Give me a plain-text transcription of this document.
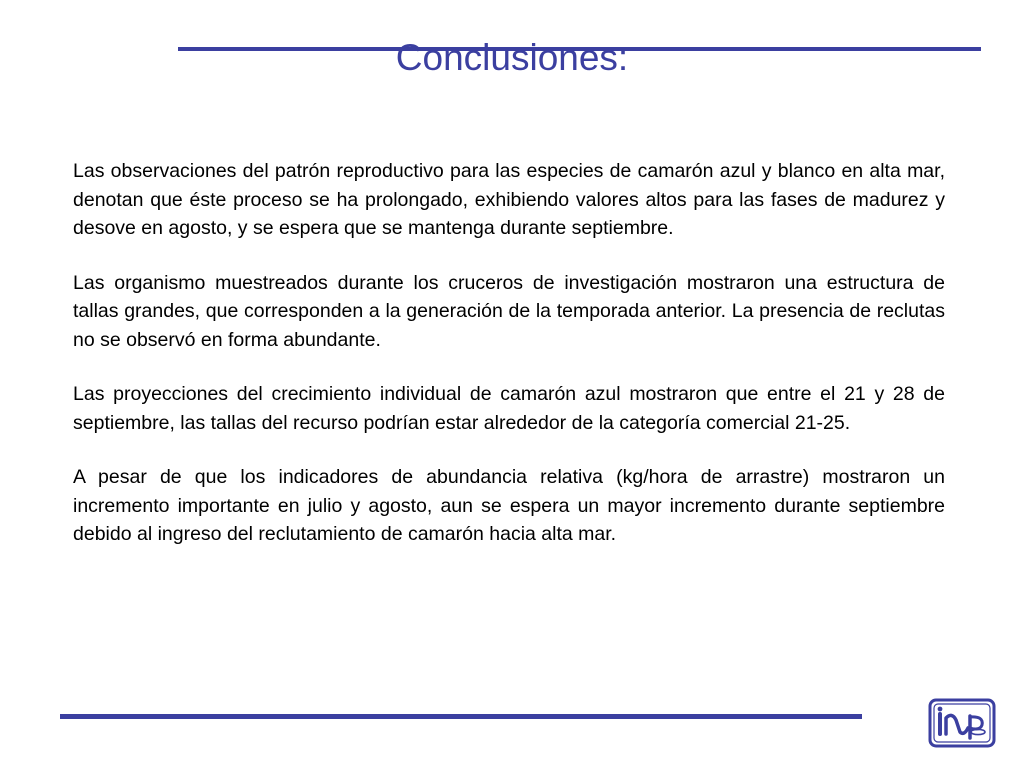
Conclusiones:

Las observaciones del patrón reproductivo para las especies de camarón azul y blanco en alta mar, denotan que éste proceso se ha prolongado, exhibiendo valores altos para las fases de madurez y desove en agosto, y se espera que se mantenga durante septiembre.

Las organismo muestreados durante los cruceros de investigación mostraron una estructura de tallas grandes, que corresponden a la generación de la temporada anterior. La presencia de reclutas no se observó en forma abundante.

Las proyecciones del crecimiento individual de camarón azul mostraron que entre el 21 y 28 de septiembre, las tallas del recurso podrían estar alrededor de la categoría comercial 21-25.

A pesar de que los indicadores de abundancia relativa (kg/hora de arrastre) mostraron un incremento importante en julio y agosto, aun se espera un mayor incremento durante septiembre debido al ingreso del reclutamiento de camarón hacia alta mar.
